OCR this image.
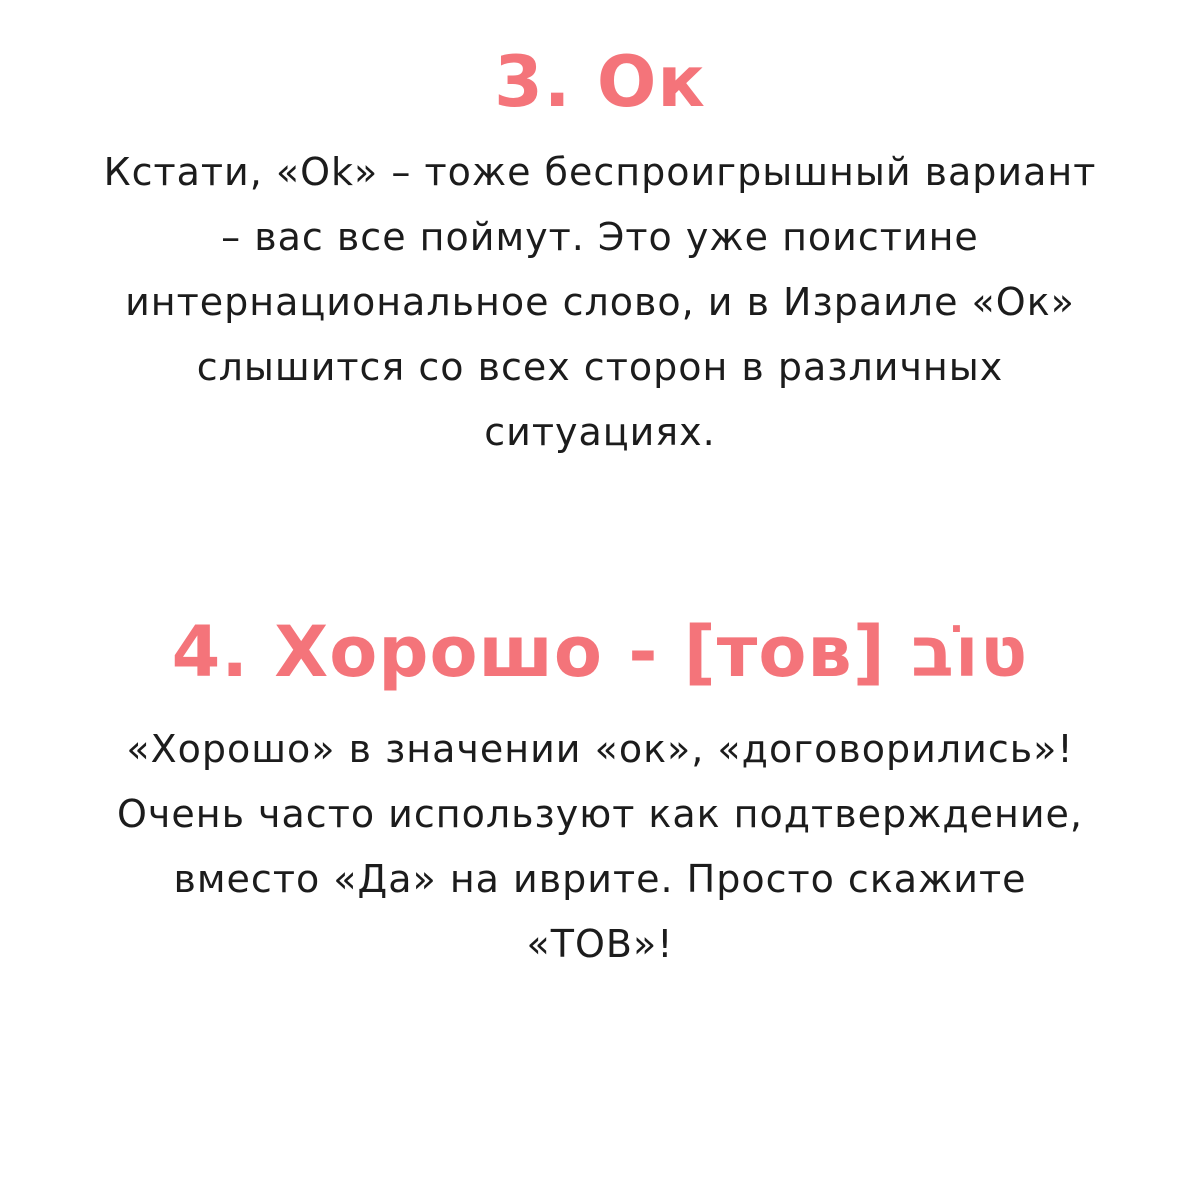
3. Ок

Кстати, «Ok» – тоже беспроигрышный вариант
– вас все поймут. Это уже поистине
интернациональное слово, и в Израиле «Ок»
слышится со всех сторон в различных
ситуациях.

4. Хорошо - [тов] טוֹב

«Хорошо» в значении «ок», «договорились»!
Очень часто используют как подтверждение,
вместо «Да» на иврите. Просто скажите
«ТОВ»!
